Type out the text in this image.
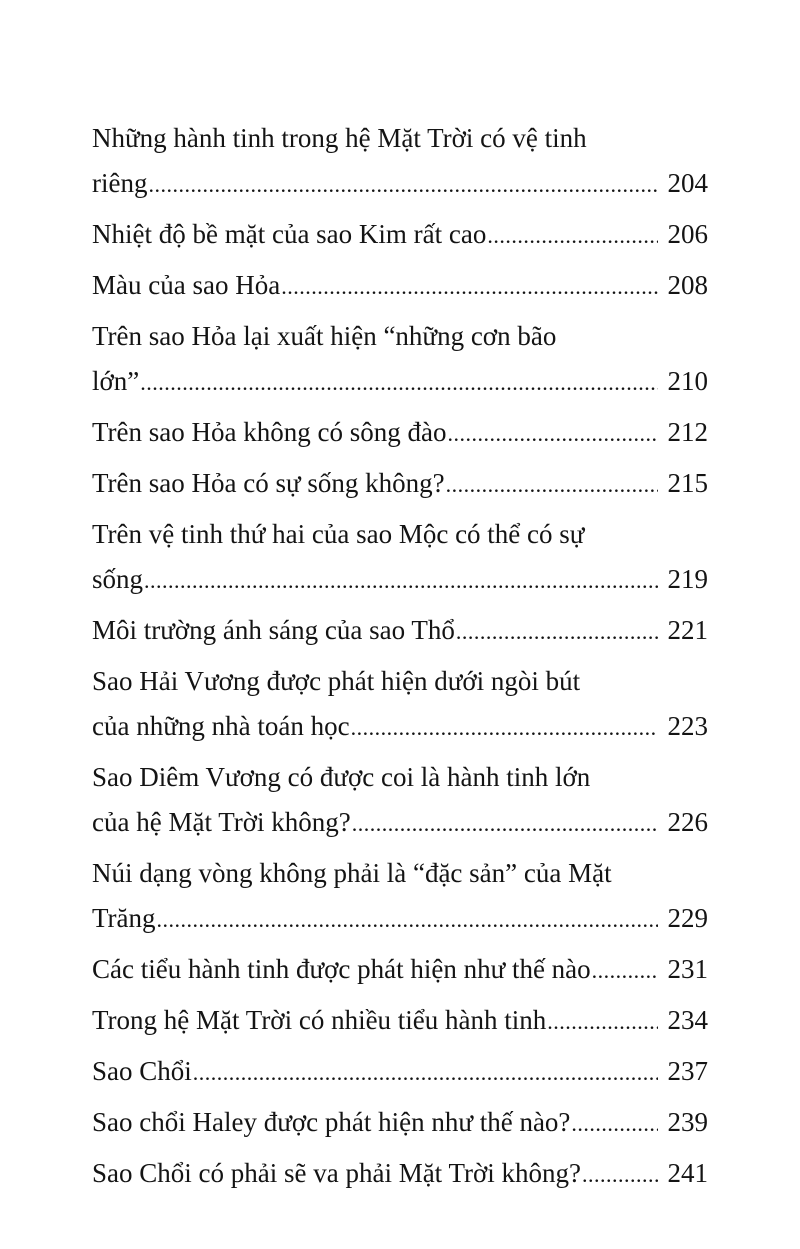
Những hành tinh trong hệ Mặt Trời có vệ tinh
riêng .....	204
Nhiệt độ bề mặt của sao Kim rất cao .....	206
Màu của sao Hỏa .....	208
Trên sao Hỏa lại xuất hiện “những cơn bão
lớn” .....	210
Trên sao Hỏa không có sông đào .....	212
Trên sao Hỏa có sự sống không? .....	215
Trên vệ tinh thứ hai của sao Mộc có thể có sự
sống .....	219
Môi trường ánh sáng của sao Thổ .....	221
Sao Hải Vương được phát hiện dưới ngòi bút
của những nhà toán học .....	223
Sao Diêm Vương có được coi là hành tinh lớn
của hệ Mặt Trời không? .....	226
Núi dạng vòng không phải là “đặc sản” của Mặt
Trăng .....	229
Các tiểu hành tinh được phát hiện như thế nào .....	231
Trong hệ Mặt Trời có nhiều tiểu hành tinh .....	234
Sao Chổi .....	237
Sao chổi Haley được phát hiện như thế nào? .....	239
Sao Chổi có phải sẽ va phải Mặt Trời không? .....	241
